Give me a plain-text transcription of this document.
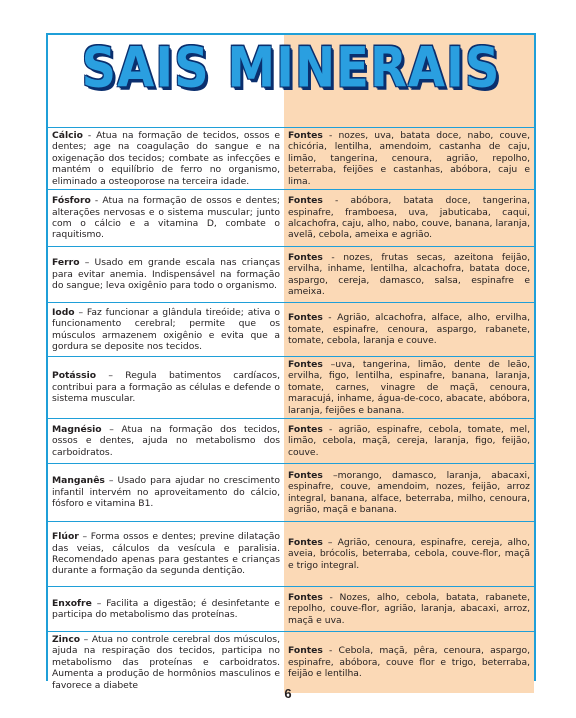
SAIS MINERAIS
Cálcio - Atua na formação de tecidos, ossos e dentes; age na coagulação do sangue e na oxigenação dos tecidos; combate as infecções e mantém o equilíbrio de ferro no organismo, eliminado a osteoporose na terceira idade.	Fontes - nozes, uva, batata doce, nabo, couve, chicória, lentilha, amendoim, castanha de caju, limão, tangerina, cenoura, agrião, repolho, beterraba, feijões e castanhas, abóbora, caju e lima.
Fósforo - Atua na formação de ossos e dentes; alterações nervosas e o sistema muscular; junto com o cálcio e a vitamina D, combate o raquitismo.	Fontes - abóbora, batata doce, tangerina, espinafre, framboesa, uva, jabuticaba, caqui, alcachofra, caju, alho, nabo, couve, banana, laranja, avelã, cebola, ameixa e agrião.
Ferro – Usado em grande escala nas crianças para evitar anemia. Indispensável na formação do sangue; leva oxigênio para todo o organismo.	Fontes - nozes, frutas secas, azeitona feijão, ervilha, inhame, lentilha, alcachofra, batata doce, aspargo, cereja, damasco, salsa, espinafre e ameixa.
Iodo – Faz funcionar a glândula tireóide; ativa o funcionamento cerebral; permite que os músculos armazenem oxigênio e evita que a gordura se deposite nos tecidos.	Fontes - Agrião, alcachofra, alface, alho, ervilha, tomate, espinafre, cenoura, aspargo, rabanete, tomate, cebola, laranja e couve.
Potássio – Regula batimentos cardíacos, contribui para a formação as células e defende o sistema muscular.	Fontes –uva, tangerina, limão, dente de leão, ervilha, figo, lentilha, espinafre, banana, laranja, tomate, carnes, vinagre de maçã, cenoura, maracujá, inhame, água-de-coco, abacate, abóbora, laranja, feijões e banana.
Magnésio – Atua na formação dos tecidos, ossos e dentes, ajuda no metabolismo dos carboidratos.	Fontes - agrião, espinafre, cebola, tomate, mel, limão, cebola, maçã, cereja, laranja, figo, feijão, couve.
Manganês – Usado para ajudar no crescimento infantil intervém no aproveitamento do cálcio, fósforo e vitamina B1.	Fontes –morango, damasco, laranja, abacaxi, espinafre, couve, amendoim, nozes, feijão, arroz integral, banana, alface, beterraba, milho, cenoura, agrião, maçã e banana.
Flúor – Forma ossos e dentes; previne dilatação das veias, cálculos da vesícula e paralisia. Recomendado apenas para gestantes e crianças durante a formação da segunda dentição.	Fontes – Agrião, cenoura, espinafre, cereja, alho, aveia, brócolis, beterraba, cebola, couve-flor, maçã e trigo integral.
Enxofre – Facilita a digestão; é desinfetante e participa do metabolismo das proteínas.	Fontes - Nozes, alho, cebola, batata, rabanete, repolho, couve-flor, agrião, laranja, abacaxi, arroz, maçã e uva.
Zinco – Atua no controle cerebral dos músculos, ajuda na respiração dos tecidos, participa no metabolismo das proteínas e carboidratos. Aumenta a produção de hormônios masculinos e favorece a diabete	Fontes - Cebola, maçã, pêra, cenoura, aspargo, espinafre, abóbora, couve flor e trigo, beterraba, feijão e lentilha.
6
